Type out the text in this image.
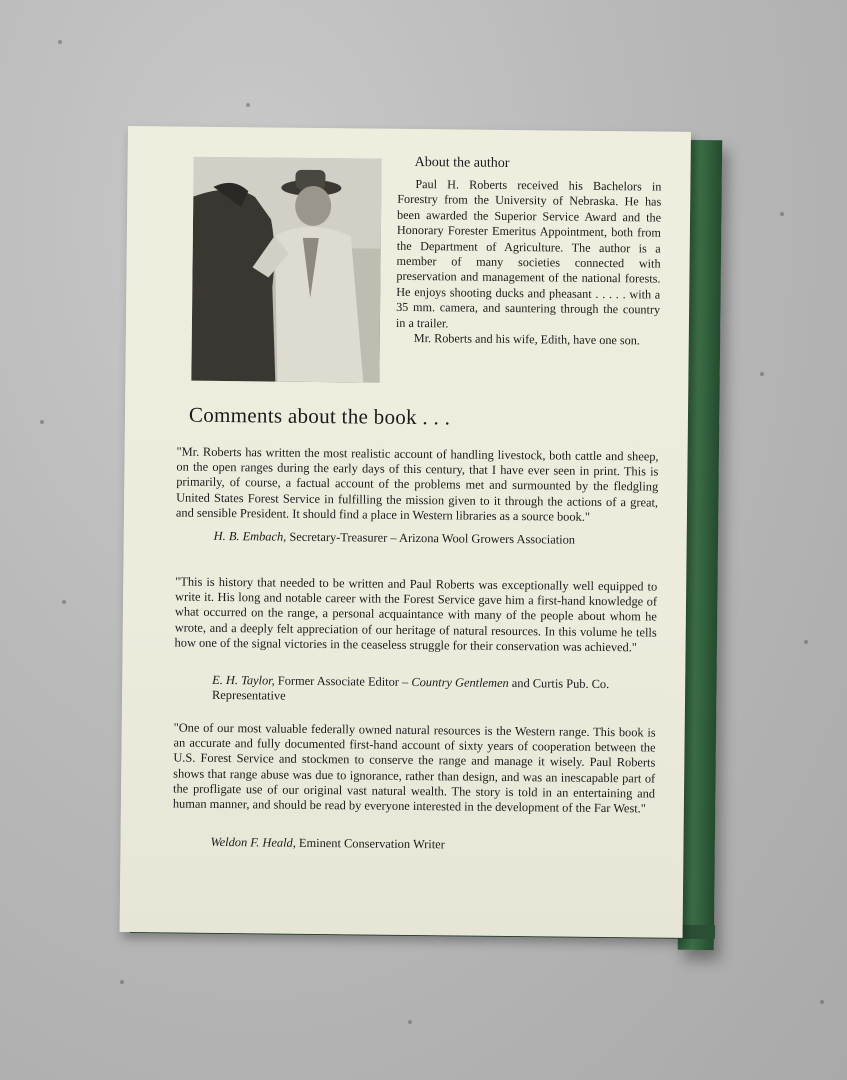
About the author

Paul H. Roberts received his Bachelors in Forestry from the University of Nebraska. He has been awarded the Superior Service Award and the Honorary Forester Emeritus Appointment, both from the Department of Agriculture. The author is a member of many societies connected with preservation and management of the national forests. He enjoys shooting ducks and pheasant . . . . . with a 35 mm. camera, and sauntering through the country in a trailer.

Mr. Roberts and his wife, Edith, have one son.

Comments about the book . . .

"Mr. Roberts has written the most realistic account of handling livestock, both cattle and sheep, on the open ranges during the early days of this century, that I have ever seen in print. This is primarily, of course, a factual account of the problems met and surmounted by the fledgling United States Forest Service in fulfilling the mission given to it through the actions of a great, and sensible President. It should find a place in Western libraries as a source book."

H. B. Embach, Secretary-Treasurer – Arizona Wool Growers Association

"This is history that needed to be written and Paul Roberts was exceptionally well equipped to write it. His long and notable career with the Forest Service gave him a first-hand knowledge of what occurred on the range, a personal acquaintance with many of the people about whom he wrote, and a deeply felt appreciation of our heritage of natural resources. In this volume he tells how one of the signal victories in the ceaseless struggle for their conservation was achieved."

E. H. Taylor, Former Associate Editor – Country Gentlemen and Curtis Pub. Co. Representative

"One of our most valuable federally owned natural resources is the Western range. This book is an accurate and fully documented first-hand account of sixty years of cooperation between the U.S. Forest Service and stockmen to conserve the range and manage it wisely. Paul Roberts shows that range abuse was due to ignorance, rather than design, and was an inescapable part of the profligate use of our original vast natural wealth. The story is told in an entertaining and human manner, and should be read by everyone interested in the development of the Far West."

Weldon F. Heald, Eminent Conservation Writer
